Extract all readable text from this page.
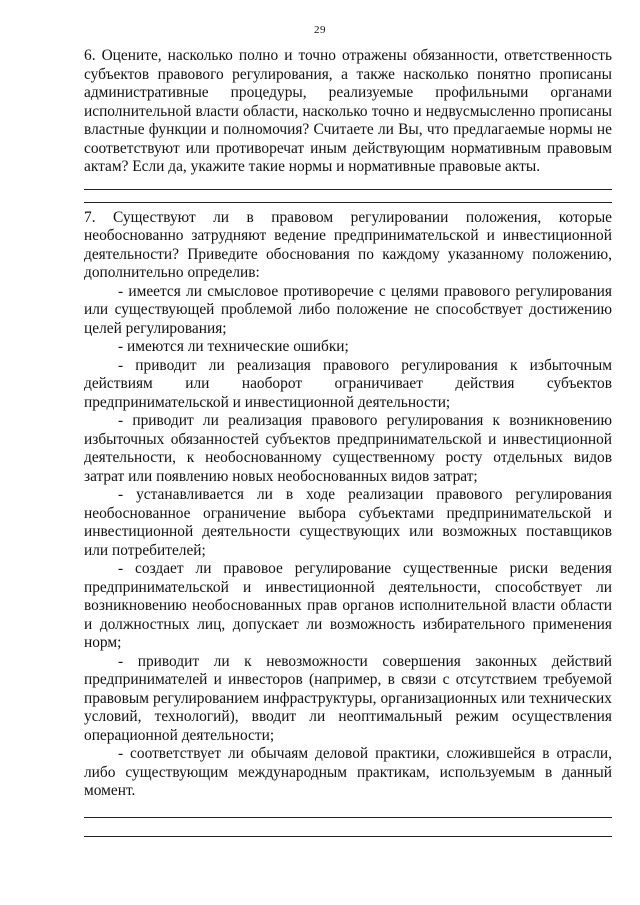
29

6. Оцените, насколько полно и точно отражены обязанности, ответственность субъектов правового регулирования, а также насколько понятно прописаны административные процедуры, реализуемые профильными органами исполнительной власти области, насколько точно и недвусмысленно прописаны властные функции и полномочия? Считаете ли Вы, что предлагаемые нормы не соответствуют или противоречат иным действующим нормативным правовым актам? Если да, укажите такие нормы и нормативные правовые акты.

7. Существуют ли в правовом регулировании положения, которые необоснованно затрудняют ведение предпринимательской и инвестиционной деятельности? Приведите обоснования по каждому указанному положению, дополнительно определив:

- имеется ли смысловое противоречие с целями правового регулирования или существующей проблемой либо положение не способствует достижению целей регулирования;

- имеются ли технические ошибки;

- приводит ли реализация правового регулирования к избыточным действиям или наоборот ограничивает действия субъектов предпринимательской и инвестиционной деятельности;

- приводит ли реализация правового регулирования к возникновению избыточных обязанностей субъектов предпринимательской и инвестиционной деятельности, к необоснованному существенному росту отдельных видов затрат или появлению новых необоснованных видов затрат;

- устанавливается ли в ходе реализации правового регулирования необоснованное ограничение выбора субъектами предпринимательской и инвестиционной деятельности существующих или возможных поставщиков или потребителей;

- создает ли правовое регулирование существенные риски ведения предпринимательской и инвестиционной деятельности, способствует ли возникновению необоснованных прав органов исполнительной власти области и должностных лиц, допускает ли возможность избирательного применения норм;

- приводит ли к невозможности совершения законных действий предпринимателей и инвесторов (например, в связи с отсутствием требуемой правовым регулированием инфраструктуры, организационных или технических условий, технологий), вводит ли неоптимальный режим осуществления операционной деятельности;

- соответствует ли обычаям деловой практики, сложившейся в отрасли, либо существующим международным практикам, используемым в данный момент.
